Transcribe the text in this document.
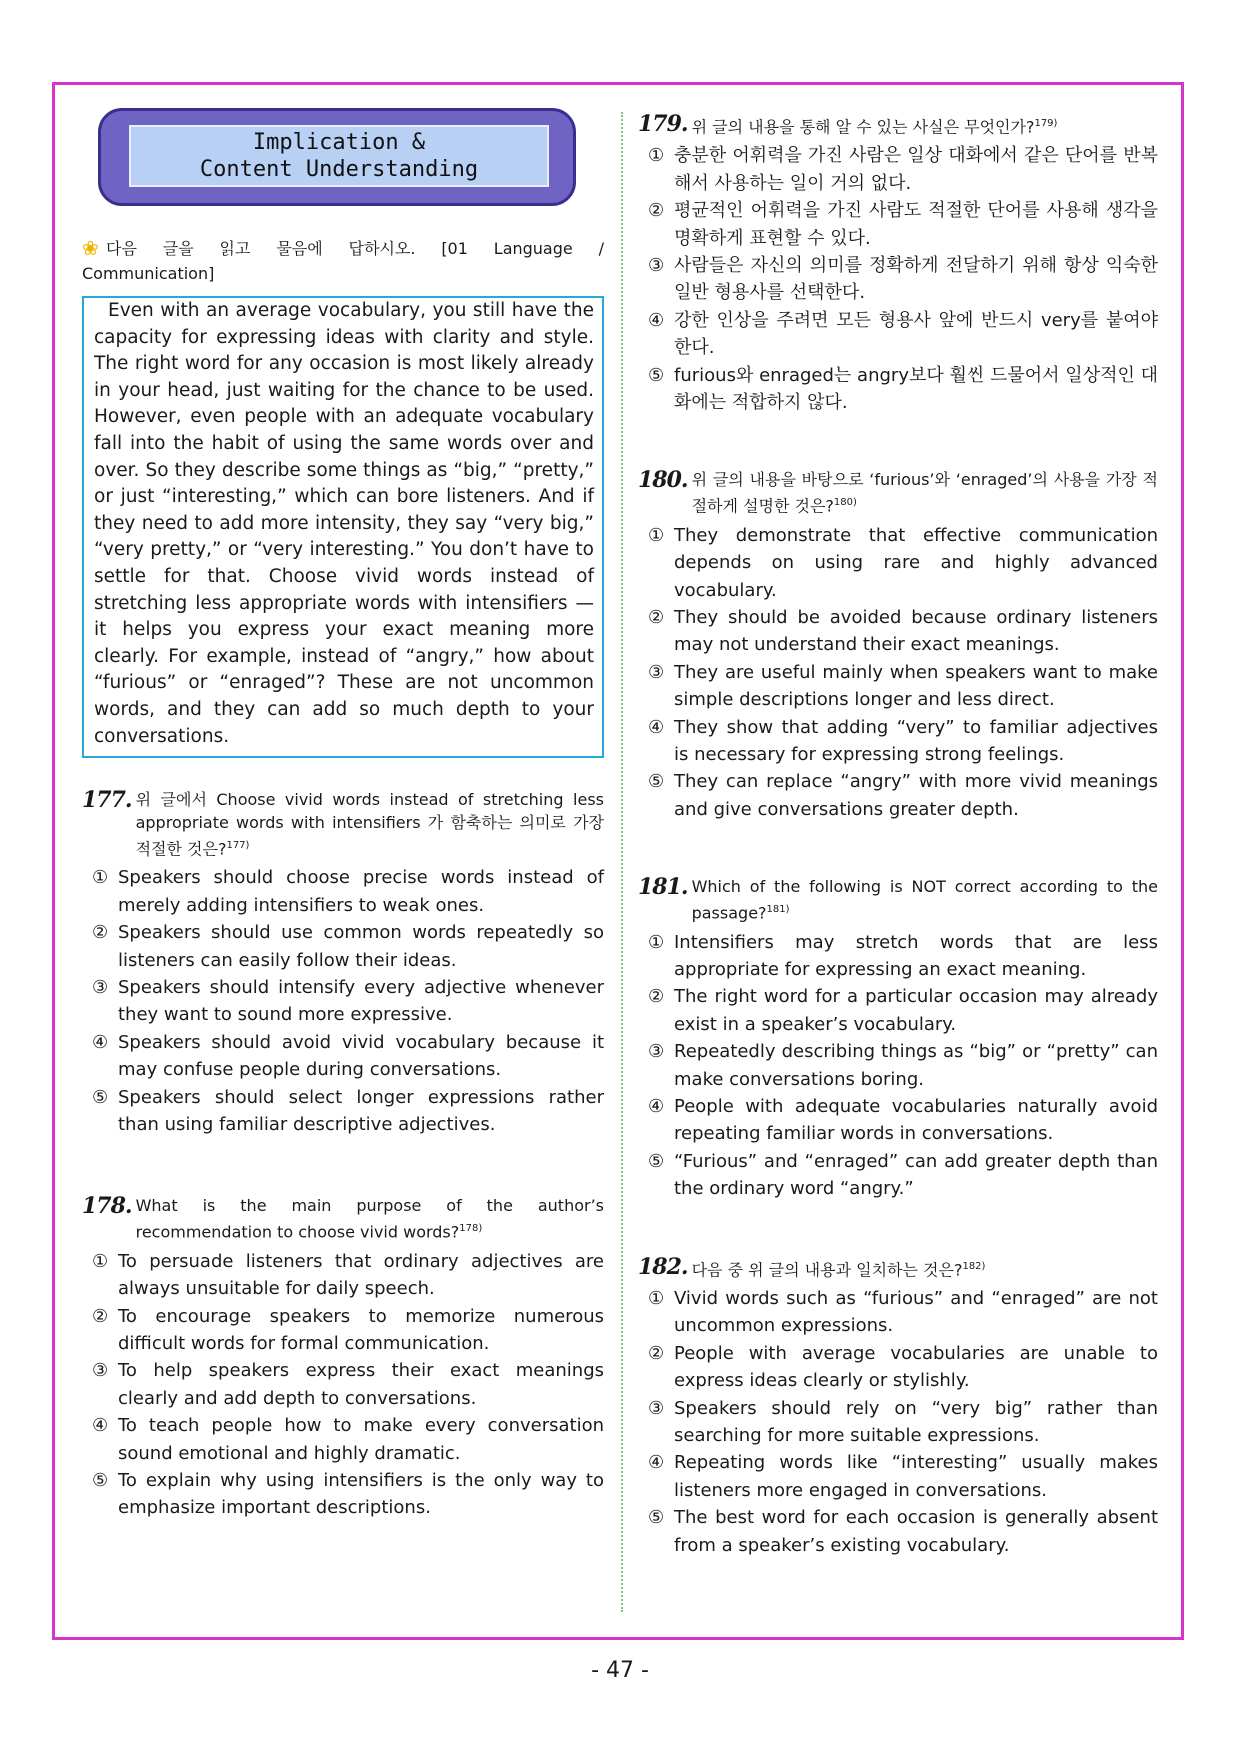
Implication &
Content Understanding
❀ 다음 글을 읽고 물음에 답하시오. [01 Language /
Communication]

Even with an average vocabulary, you still have the capacity for expressing ideas with clarity and style. The right word for any occasion is most likely already in your head, just waiting for the chance to be used. However, even people with an adequate vocabulary fall into the habit of using the same words over and over. So they describe some things as “big,” “pretty,” or just “interesting,” which can bore listeners. And if they need to add more intensity, they say “very big,” “very pretty,” or “very interesting.” You don’t have to settle for that. Choose vivid words instead of stretching less appropriate words with intensifiers — it helps you express your exact meaning more clearly. For example, instead of “angry,” how about “furious” or “enraged”? These are not uncommon words, and they can add so much depth to your conversations.

177. 위 글에서 Choose vivid words instead of stretching less appropriate words with intensifiers 가 함축하는 의미로 가장 적절한 것은?$^{177)}$
① Speakers should choose precise words instead of merely adding intensifiers to weak ones.
② Speakers should use common words repeatedly so listeners can easily follow their ideas.
③ Speakers should intensify every adjective whenever they want to sound more expressive.
④ Speakers should avoid vivid vocabulary because it may confuse people during conversations.
⑤ Speakers should select longer expressions rather than using familiar descriptive adjectives.
178. What is the main purpose of the author’s recommendation to choose vivid words?$^{178)}$
① To persuade listeners that ordinary adjectives are always unsuitable for daily speech.
② To encourage speakers to memorize numerous difficult words for formal communication.
③ To help speakers express their exact meanings clearly and add depth to conversations.
④ To teach people how to make every conversation sound emotional and highly dramatic.
⑤ To explain why using intensifiers is the only way to emphasize important descriptions.
179. 위 글의 내용을 통해 알 수 있는 사실은 무엇인가?$^{179)}$
① 충분한 어휘력을 가진 사람은 일상 대화에서 같은 단어를 반복해서 사용하는 일이 거의 없다.
② 평균적인 어휘력을 가진 사람도 적절한 단어를 사용해 생각을 명확하게 표현할 수 있다.
③ 사람들은 자신의 의미를 정확하게 전달하기 위해 항상 익숙한 일반 형용사를 선택한다.
④ 강한 인상을 주려면 모든 형용사 앞에 반드시 very를 붙여야 한다.
⑤ furious와 enraged는 angry보다 훨씬 드물어서 일상적인 대화에는 적합하지 않다.
180. 위 글의 내용을 바탕으로 ‘furious’와 ‘enraged’의 사용을 가장 적절하게 설명한 것은?$^{180)}$
① They demonstrate that effective communication depends on using rare and highly advanced vocabulary.
② They should be avoided because ordinary listeners may not understand their exact meanings.
③ They are useful mainly when speakers want to make simple descriptions longer and less direct.
④ They show that adding “very” to familiar adjectives is necessary for expressing strong feelings.
⑤ They can replace “angry” with more vivid meanings and give conversations greater depth.
181. Which of the following is NOT correct according to the passage?$^{181)}$
① Intensifiers may stretch words that are less appropriate for expressing an exact meaning.
② The right word for a particular occasion may already exist in a speaker’s vocabulary.
③ Repeatedly describing things as “big” or “pretty” can make conversations boring.
④ People with adequate vocabularies naturally avoid repeating familiar words in conversations.
⑤ “Furious” and “enraged” can add greater depth than the ordinary word “angry.”
182. 다음 중 위 글의 내용과 일치하는 것은?$^{182)}$
① Vivid words such as “furious” and “enraged” are not uncommon expressions.
② People with average vocabularies are unable to express ideas clearly or stylishly.
③ Speakers should rely on “very big” rather than searching for more suitable expressions.
④ Repeating words like “interesting” usually makes listeners more engaged in conversations.
⑤ The best word for each occasion is generally absent from a speaker’s existing vocabulary.
- 47 -
